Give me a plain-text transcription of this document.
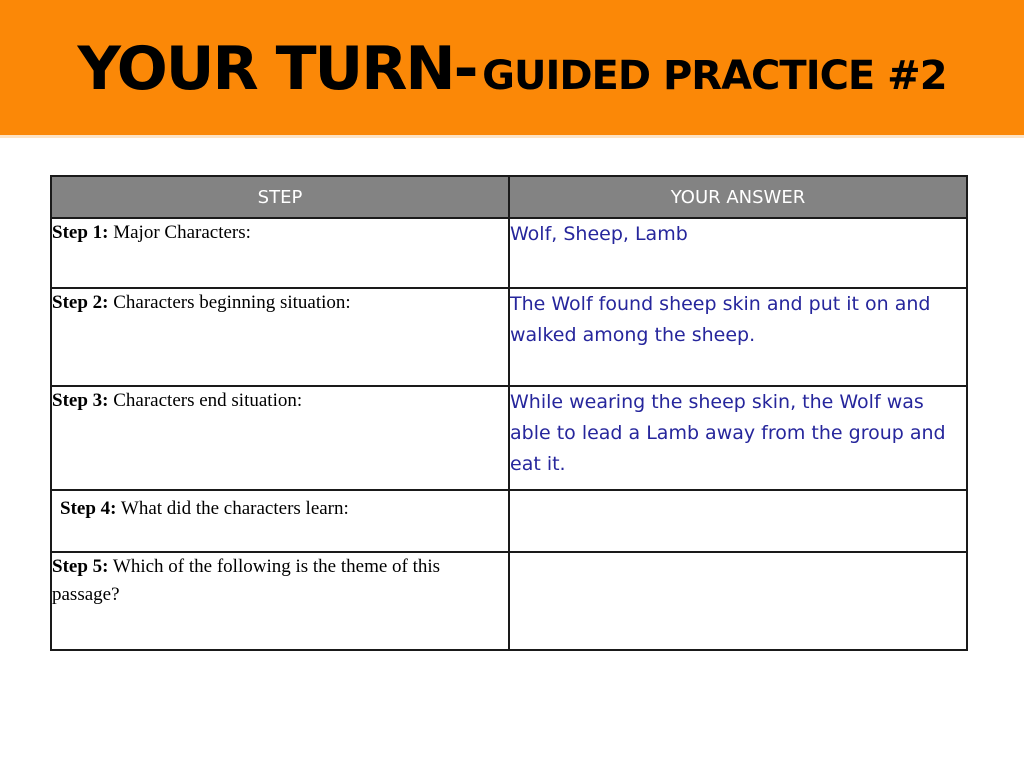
YOUR TURN- GUIDED PRACTICE #2
STEP	YOUR ANSWER
Step 1: Major Characters:	Wolf, Sheep, Lamb
Step 2: Characters beginning situation:	The Wolf found sheep skin and put it on and walked among the sheep.
Step 3: Characters end situation:	While wearing the sheep skin, the Wolf was able to lead a Lamb away from the group and eat it.
Step 4: What did the characters learn:	
Step 5: Which of the following is the theme of this passage?	
